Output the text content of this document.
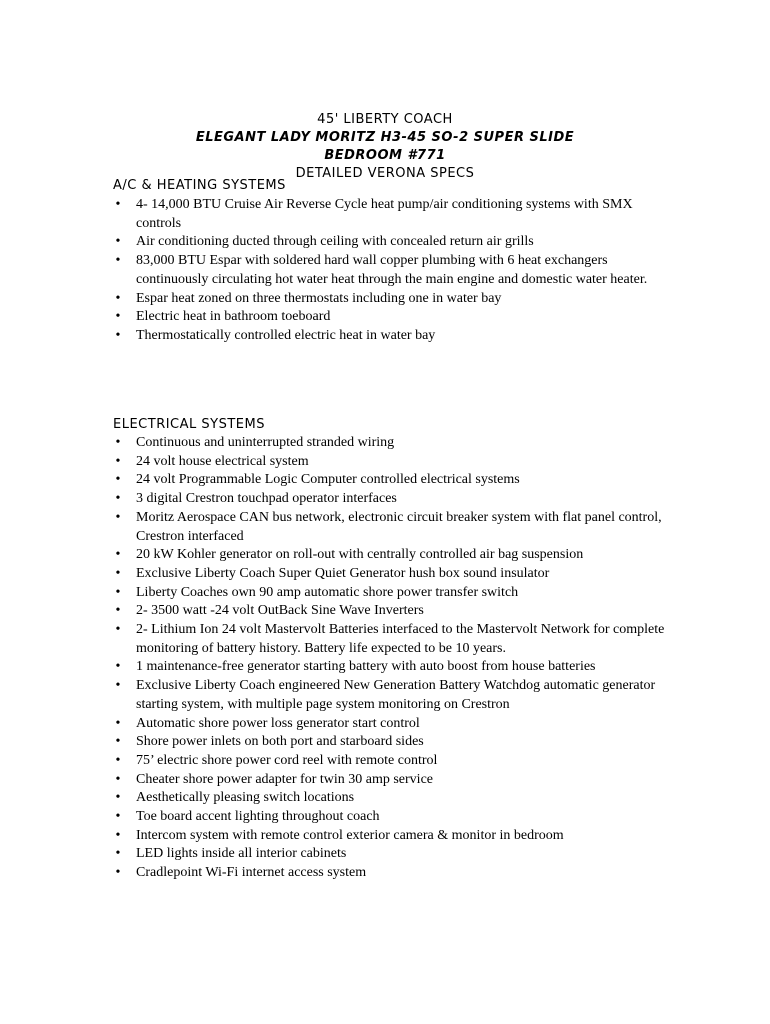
45' LIBERTY COACH
ELEGANT LADY MORITZ H3-45 SO-2 SUPER SLIDE
BEDROOM #771
DETAILED VERONA SPECS
A/C & HEATING SYSTEMS
• 4- 14,000 BTU Cruise Air Reverse Cycle heat pump/air conditioning systems with SMX controls
• Air conditioning ducted through ceiling with concealed return air grills
• 83,000 BTU Espar with soldered hard wall copper plumbing with 6 heat exchangers continuously circulating hot water heat through the main engine and domestic water heater.
• Espar heat zoned on three thermostats including one in water bay
• Electric heat in bathroom toeboard
• Thermostatically controlled electric heat in water bay
ELECTRICAL SYSTEMS
• Continuous and uninterrupted stranded wiring
• 24 volt house electrical system
• 24 volt Programmable Logic Computer controlled electrical systems
• 3 digital Crestron touchpad operator interfaces
• Moritz Aerospace CAN bus network, electronic circuit breaker system with flat panel control, Crestron interfaced
• 20 kW Kohler generator on roll-out with centrally controlled air bag suspension
• Exclusive Liberty Coach Super Quiet Generator hush box sound insulator
• Liberty Coaches own 90 amp automatic shore power transfer switch
• 2- 3500 watt -24 volt OutBack Sine Wave Inverters
• 2- Lithium Ion 24 volt Mastervolt Batteries interfaced to the Mastervolt Network for complete monitoring of battery history. Battery life expected to be 10 years.
• 1 maintenance-free generator starting battery with auto boost from house batteries
• Exclusive Liberty Coach engineered New Generation Battery Watchdog automatic generator starting system, with multiple page system monitoring on Crestron
• Automatic shore power loss generator start control
• Shore power inlets on both port and starboard sides
• 75’ electric shore power cord reel with remote control
• Cheater shore power adapter for twin 30 amp service
• Aesthetically pleasing switch locations
• Toe board accent lighting throughout coach
• Intercom system with remote control exterior camera & monitor in bedroom
• LED lights inside all interior cabinets
• Cradlepoint Wi-Fi internet access system
